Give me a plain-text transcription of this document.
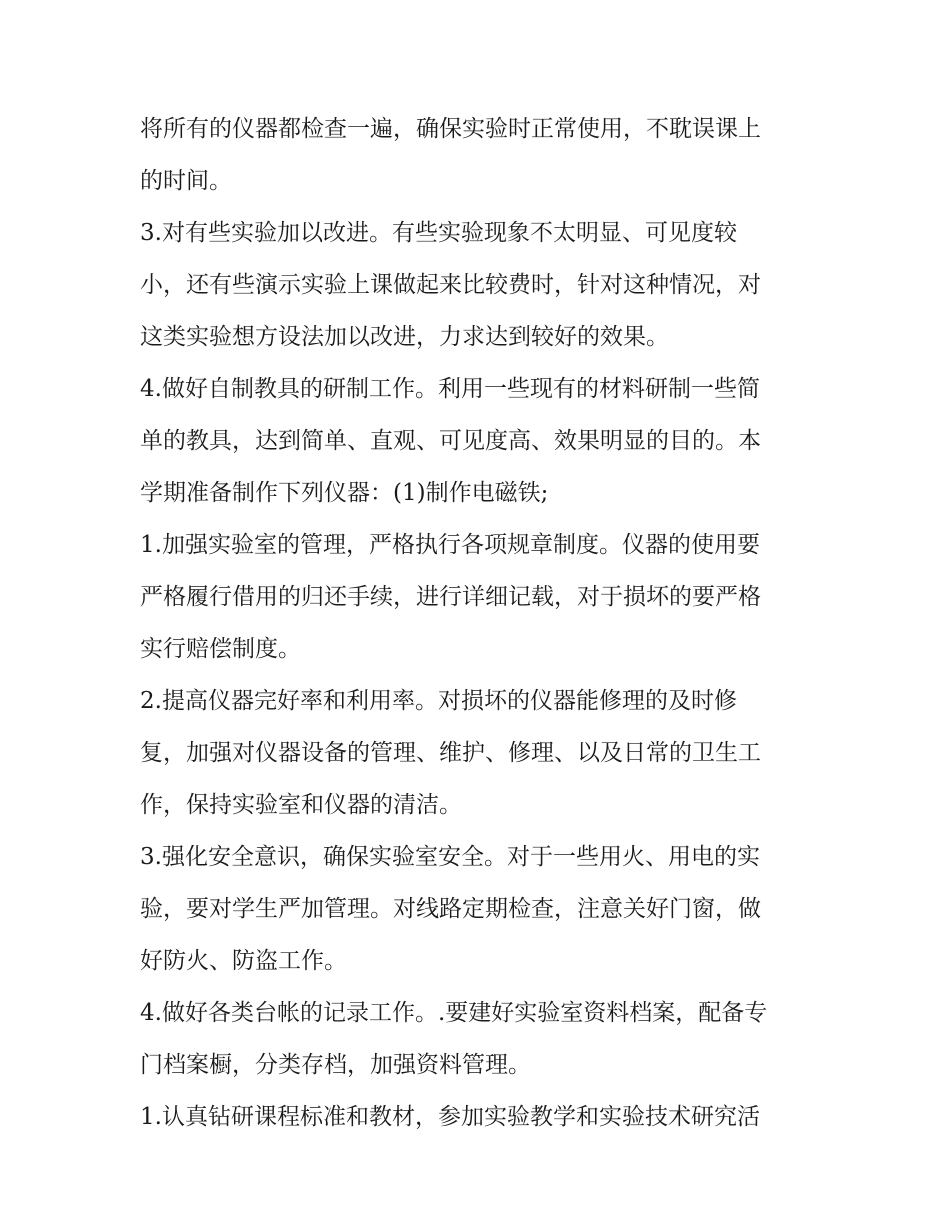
将所有的仪器都检查一遍，确保实验时正常使用，不耽误课上
的时间。
3.对有些实验加以改进。有些实验现象不太明显、可见度较
小，还有些演示实验上课做起来比较费时，针对这种情况，对
这类实验想方设法加以改进，力求达到较好的效果。
4.做好自制教具的研制工作。利用一些现有的材料研制一些简
单的教具，达到简单、直观、可见度高、效果明显的目的。本
学期准备制作下列仪器：(1)制作电磁铁;
1.加强实验室的管理，严格执行各项规章制度。仪器的使用要
严格履行借用的归还手续，进行详细记载，对于损坏的要严格
实行赔偿制度。
2.提高仪器完好率和利用率。对损坏的仪器能修理的及时修
复，加强对仪器设备的管理、维护、修理、以及日常的卫生工
作，保持实验室和仪器的清洁。
3.强化安全意识，确保实验室安全。对于一些用火、用电的实
验，要对学生严加管理。对线路定期检查，注意关好门窗，做
好防火、防盗工作。
4.做好各类台帐的记录工作。.要建好实验室资料档案，配备专
门档案橱，分类存档，加强资料管理。
1.认真钻研课程标准和教材，参加实验教学和实验技术研究活
